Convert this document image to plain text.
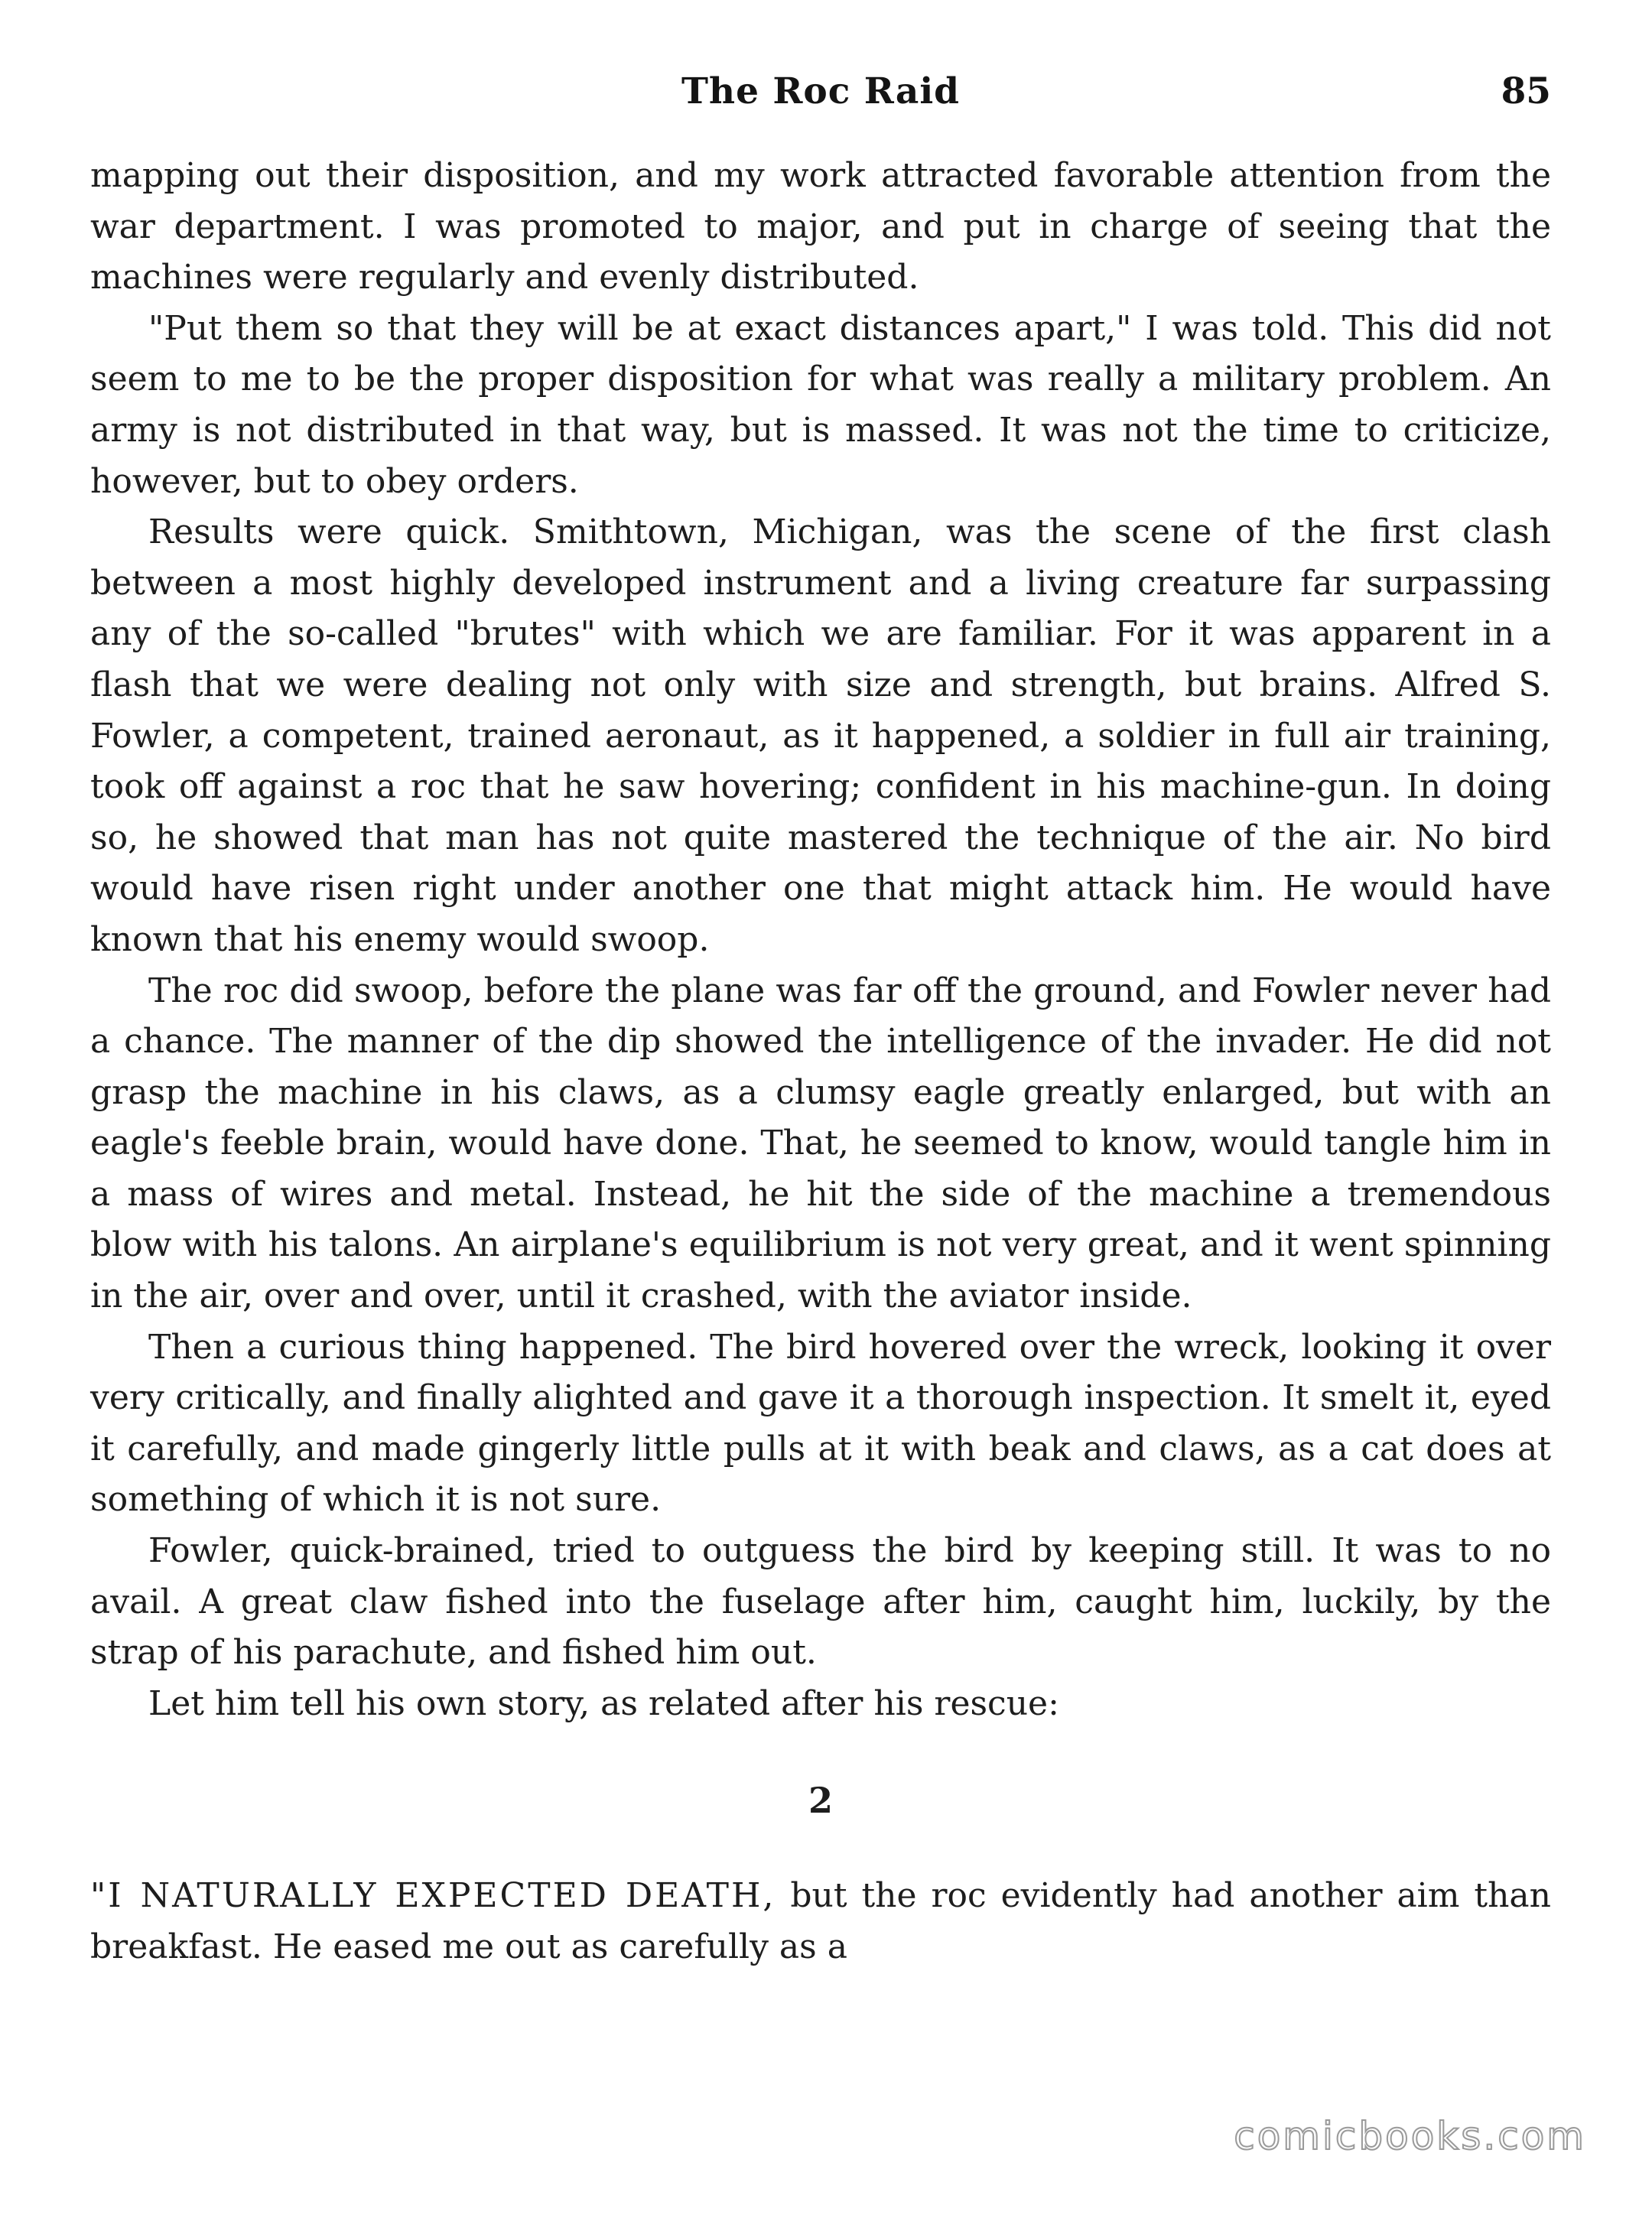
The Roc Raid	85

mapping out their disposition, and my work attracted favorable attention from the war department. I was promoted to major, and put in charge of seeing that the machines were regularly and evenly distributed.

"Put them so that they will be at exact distances apart," I was told. This did not seem to me to be the proper disposition for what was really a military problem. An army is not distributed in that way, but is massed. It was not the time to criticize, however, but to obey orders.

Results were quick. Smithtown, Michigan, was the scene of the first clash between a most highly developed instrument and a living creature far surpassing any of the so-called "brutes" with which we are familiar. For it was apparent in a flash that we were dealing not only with size and strength, but brains. Alfred S. Fowler, a competent, trained aeronaut, as it happened, a soldier in full air training, took off against a roc that he saw hovering; confident in his machine-gun. In doing so, he showed that man has not quite mastered the technique of the air. No bird would have risen right under another one that might attack him. He would have known that his enemy would swoop.

The roc did swoop, before the plane was far off the ground, and Fowler never had a chance. The manner of the dip showed the intelligence of the invader. He did not grasp the machine in his claws, as a clumsy eagle greatly enlarged, but with an eagle's feeble brain, would have done. That, he seemed to know, would tangle him in a mass of wires and metal. Instead, he hit the side of the machine a tremendous blow with his talons. An airplane's equilibrium is not very great, and it went spinning in the air, over and over, until it crashed, with the aviator inside.

Then a curious thing happened. The bird hovered over the wreck, looking it over very critically, and finally alighted and gave it a thorough inspection. It smelt it, eyed it carefully, and made gingerly little pulls at it with beak and claws, as a cat does at something of which it is not sure.

Fowler, quick-brained, tried to outguess the bird by keeping still. It was to no avail. A great claw fished into the fuselage after him, caught him, luckily, by the strap of his parachute, and fished him out.

Let him tell his own story, as related after his rescue:

2

"I NATURALLY EXPECTED DEATH, but the roc evidently had another aim than breakfast. He eased me out as carefully as a

comicbooks.com
